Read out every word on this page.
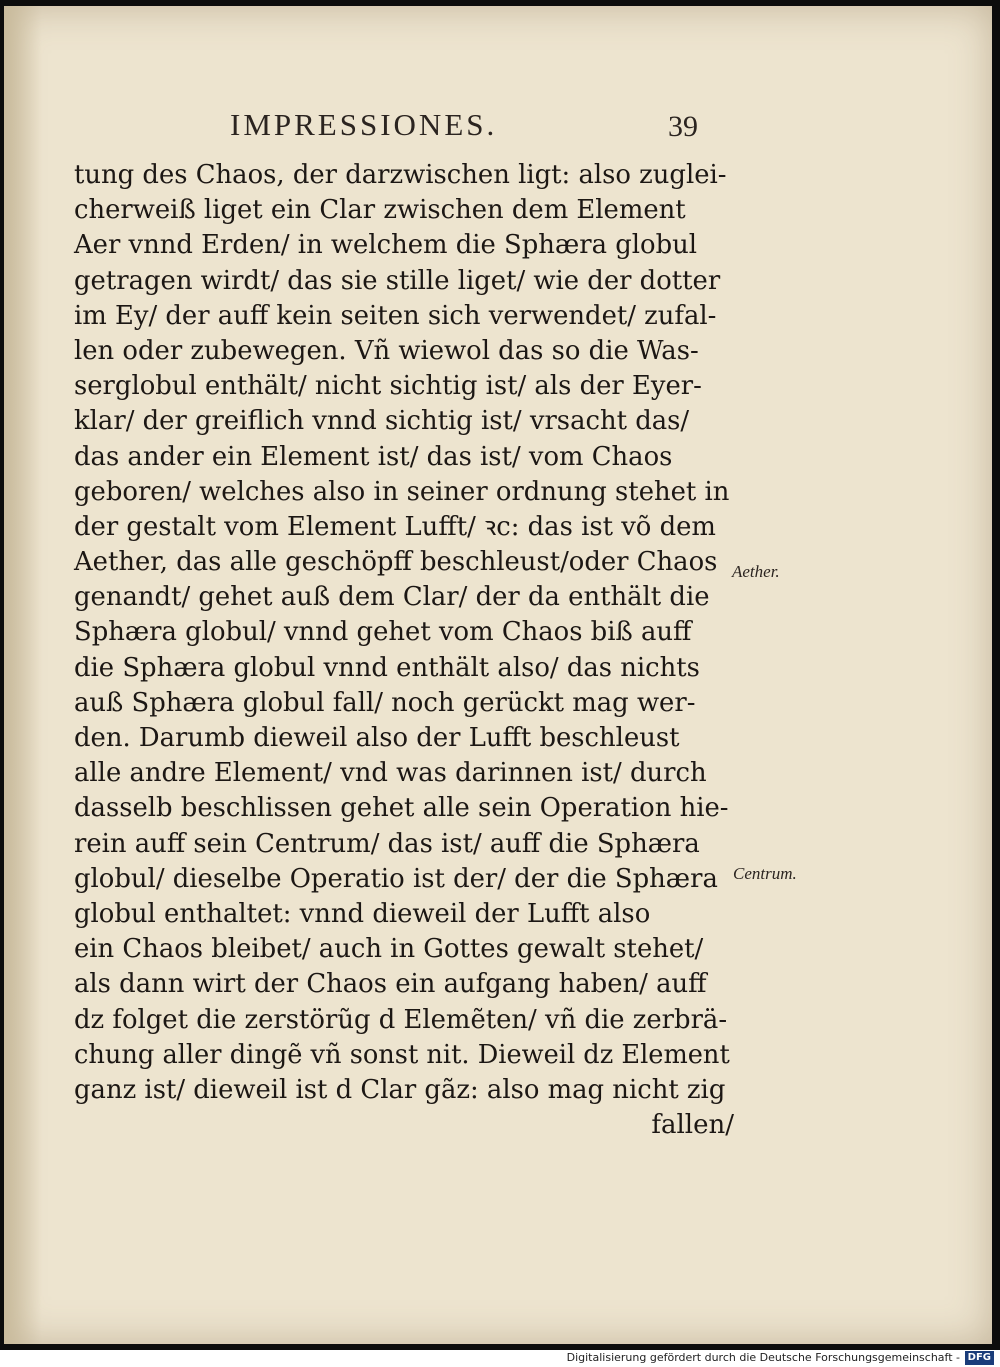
IMPRESSIONES.	39
tung des Chaos, der darzwischen ligt: also zuglei-
cherweiß liget ein Clar zwischen dem Element
Aer vnnd Erden/ in welchem die Sphæra globul
getragen wirdt/ das sie stille liget/ wie der dotter
im Ey/ der auff kein seiten sich verwendet/ zufal-
len oder zubewegen. Vñ wiewol das so die Was-
serglobul enthält/ nicht sichtig ist/ als der Eyer-
klar/ der greiflich vnnd sichtig ist/ vrsacht das/
das ander ein Element ist/ das ist/ vom Chaos
geboren/ welches also in seiner ordnung stehet in
der gestalt vom Element Lufft/ ꝛc: das ist võ dem
Aether, das alle geschöpff beschleust/oder Chaos
genandt/ gehet auß dem Clar/ der da enthält die
Sphæra globul/ vnnd gehet vom Chaos biß auff
die Sphæra globul vnnd enthält also/ das nichts
auß Sphæra globul fall/ noch gerückt mag wer-
den. Darumb dieweil also der Lufft beschleust
alle andre Element/ vnd was darinnen ist/ durch
dasselb beschlissen gehet alle sein Operation hie-
rein auff sein Centrum/ das ist/ auff die Sphæra
globul/ dieselbe Operatio ist der/ der die Sphæra
globul enthaltet: vnnd dieweil der Lufft also
ein Chaos bleibet/ auch in Gottes gewalt stehet/
als dann wirt der Chaos ein aufgang haben/ auff
dz folget die zerstörũg d Elemẽten/ vñ die zerbrä-
chung aller dingẽ vñ sonst nit. Dieweil dz Element
ganz ist/ dieweil ist d Clar gãz: also mag nicht zig
fallen/
Aether.
Centrum.
Digitalisierung gefördert durch die Deutsche Forschungsgemeinschaft - DFG
